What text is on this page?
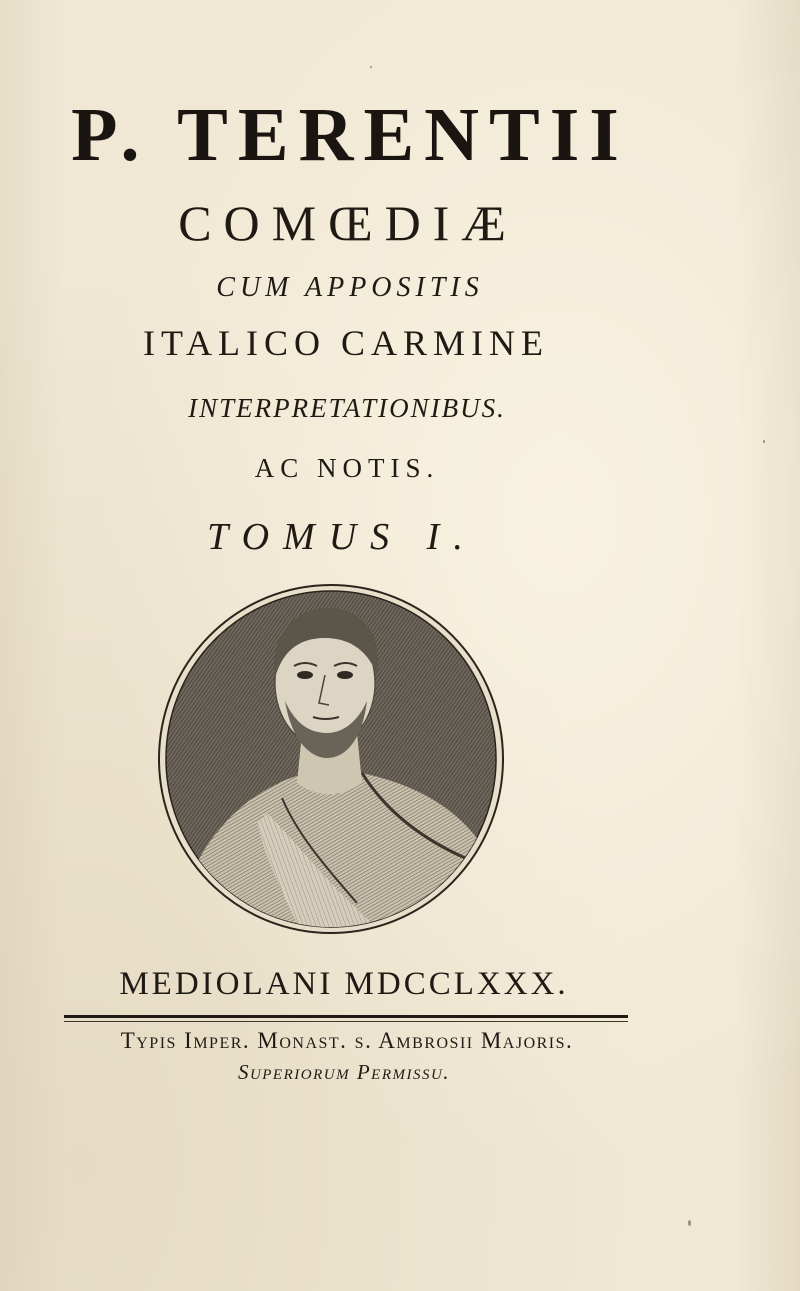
P. TERENTII
COMŒDIÆ
CUM APPOSITIS
ITALICO CARMINE
INTERPRETATIONIBUS.
AC NOTIS.
TOMUS I.
MEDIOLANI MDCCLXXX.
Typis Imper. Monast. s. Ambrosii Majoris.
Superiorum Permissu.
